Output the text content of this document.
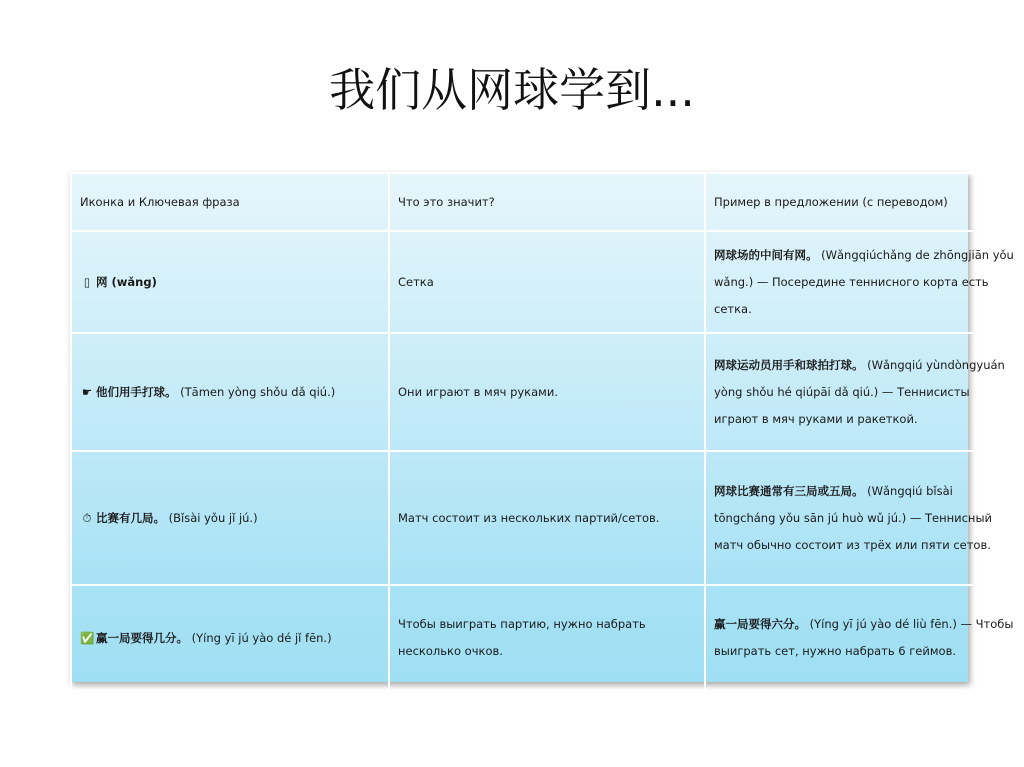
我们从网球学到...
Иконка и Ключевая фраза	Что это значит?	Пример в предложении (с переводом)
▯ 网 (wǎng)	Сетка	网球场的中间有网。 (Wǎngqiúchǎng de zhōngjiān yǒu wǎng.) — Посередине теннисного корта есть сетка.
☛ 他们用手打球。 (Tāmen yòng shǒu dǎ qiú.)	Они играют в мяч руками.	网球运动员用手和球拍打球。 (Wǎngqiú yùndòngyuán yòng shǒu hé qiúpāi dǎ qiú.) — Теннисисты играют в мяч руками и ракеткой.
⏱ 比赛有几局。 (Bǐsài yǒu jǐ jú.)	Матч состоит из нескольких партий/сетов.	网球比赛通常有三局或五局。 (Wǎngqiú bǐsài tōngcháng yǒu sān jú huò wǔ jú.) — Теннисный матч обычно состоит из трёх или пяти сетов.
✅ 赢一局要得几分。 (Yíng yī jú yào dé jǐ fēn.)	Чтобы выиграть партию, нужно набрать несколько очков.	赢一局要得六分。 (Yíng yī jú yào dé liù fēn.) — Чтобы выиграть сет, нужно набрать 6 геймов.
